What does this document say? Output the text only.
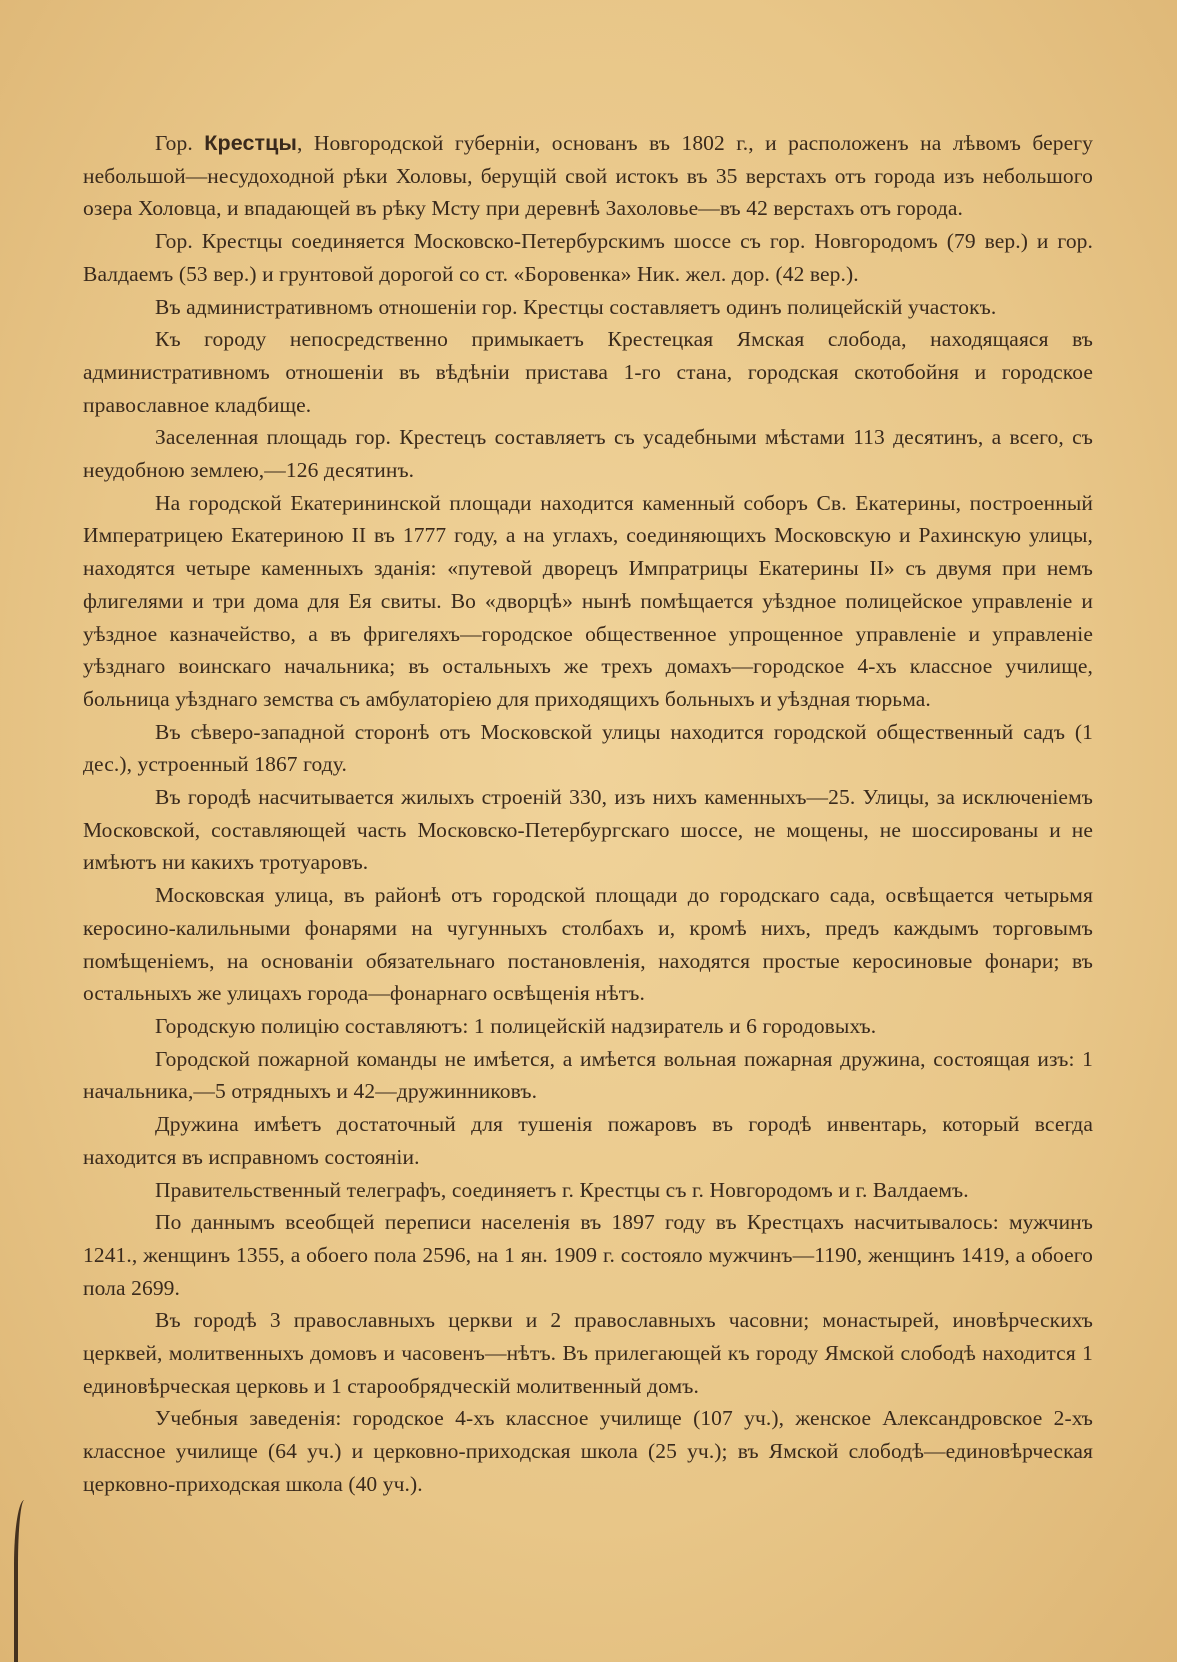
Гор. Крестцы, Новгородской губерніи, основанъ въ 1802 г., и расположенъ на лѣвомъ берегу небольшой—несудоходной рѣки Холовы, берущій свой истокъ въ 35 верстахъ отъ города изъ небольшого озера Холовца, и впадающей въ рѣку Мсту при деревнѣ Захоловье—въ 42 верстахъ отъ города.

Гор. Крестцы соединяется Московско-Петербурскимъ шоссе съ гор. Новгородомъ (79 вер.) и гор. Валдаемъ (53 вер.) и грунтовой дорогой со ст. «Боровенка» Ник. жел. дор. (42 вер.).

Въ административномъ отношеніи гор. Крестцы составляетъ одинъ полицейскій участокъ.

Къ городу непосредственно примыкаетъ Крестецкая Ямская слобода, находящаяся въ административномъ отношеніи въ вѣдѣніи пристава 1-го стана, городская скотобойня и городское православное кладбище.

Заселенная площадь гор. Крестецъ составляетъ съ усадебными мѣстами 113 десятинъ, а всего, съ неудобною землею,—126 десятинъ.

На городской Екатерининской площади находится каменный соборъ Св. Екатерины, построенный Императрицею Екатериною II въ 1777 году, а на углахъ, соединяющихъ Московскую и Рахинскую улицы, находятся четыре каменныхъ зданія: «путевой дворецъ Импратрицы Екатерины II» съ двумя при немъ флигелями и три дома для Ея свиты. Во «дворцѣ» нынѣ помѣщается уѣздное полицейское управленіе и уѣздное казначейство, а въ фригеляхъ—городское общественное упрощенное управленіе и управленіе уѣзднаго воинскаго начальника; въ остальныхъ же трехъ домахъ—городское 4-хъ классное училище, больница уѣзднаго земства съ амбулаторіею для приходящихъ больныхъ и уѣздная тюрьма.

Въ сѣверо-западной сторонѣ отъ Московской улицы находится городской общественный садъ (1 дес.), устроенный 1867 году.

Въ городѣ насчитывается жилыхъ строеній 330, изъ нихъ каменныхъ—25. Улицы, за исключеніемъ Московской, составляющей часть Московско-Петербургскаго шоссе, не мощены, не шоссированы и не имѣютъ ни какихъ тротуаровъ.

Московская улица, въ районѣ отъ городской площади до городскаго сада, освѣщается четырьмя керосино-калильными фонарями на чугунныхъ столбахъ и, кромѣ нихъ, предъ каждымъ торговымъ помѣщеніемъ, на основаніи обязательнаго постановленія, находятся простые керосиновые фонари; въ остальныхъ же улицахъ города—фонарнаго освѣщенія нѣтъ.

Городскую полицію составляютъ: 1 полицейскій надзиратель и 6 городовыхъ.

Городской пожарной команды не имѣется, а имѣется вольная пожарная дружина, состоящая изъ: 1 начальника,—5 отрядныхъ и 42—дружинниковъ.

Дружина имѣетъ достаточный для тушенія пожаровъ въ городѣ инвентарь, который всегда находится въ исправномъ состояніи.

Правительственный телеграфъ, соединяетъ г. Крестцы съ г. Новгородомъ и г. Валдаемъ.

По даннымъ всеобщей переписи населенія въ 1897 году въ Крестцахъ насчитывалось: мужчинъ 1241., женщинъ 1355, а обоего пола 2596, на 1 ян. 1909 г. состояло мужчинъ—1190, женщинъ 1419, а обоего пола 2699.

Въ городѣ 3 православныхъ церкви и 2 православныхъ часовни; монастырей, иновѣрческихъ церквей, молитвенныхъ домовъ и часовенъ—нѣтъ. Въ прилегающей къ городу Ямской слободѣ находится 1 единовѣрческая церковь и 1 старообрядческій молитвенный домъ.

Учебныя заведенія: городское 4-хъ классное училище (107 уч.), женское Александровское 2-хъ классное училище (64 уч.) и церковно-приходская школа (25 уч.); въ Ямской слободѣ—единовѣрческая церковно-приходская школа (40 уч.).
